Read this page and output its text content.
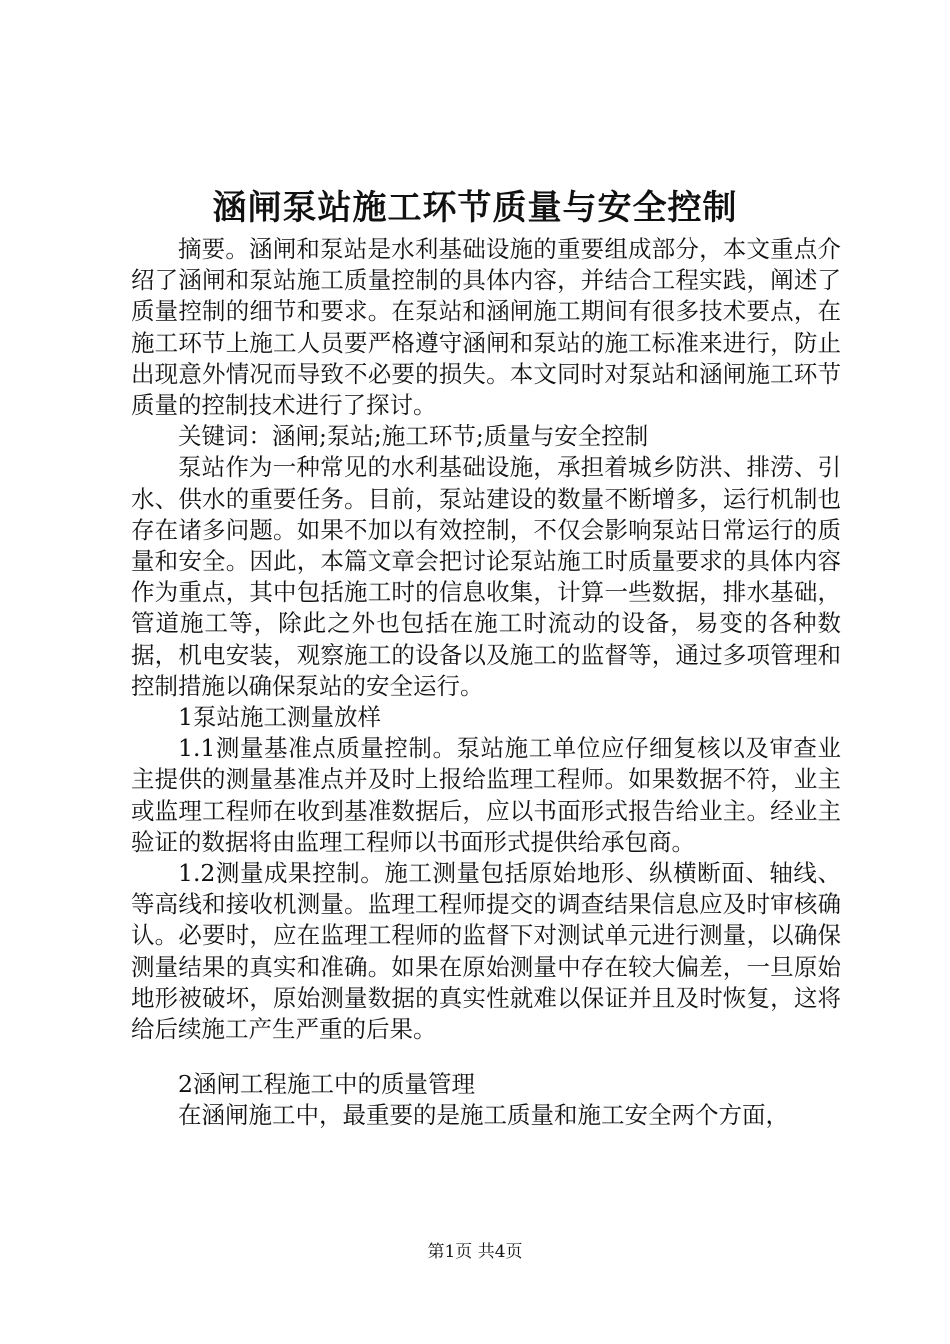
涵闸泵站施工环节质量与安全控制

摘要。涵闸和泵站是水利基础设施的重要组成部分，本文重点介绍了涵闸和泵站施工质量控制的具体内容，并结合工程实践，阐述了质量控制的细节和要求。在泵站和涵闸施工期间有很多技术要点，在施工环节上施工人员要严格遵守涵闸和泵站的施工标准来进行，防止出现意外情况而导致不必要的损失。本文同时对泵站和涵闸施工环节质量的控制技术进行了探讨。

关键词：涵闸;泵站;施工环节;质量与安全控制

泵站作为一种常见的水利基础设施，承担着城乡防洪、排涝、引水、供水的重要任务。目前，泵站建设的数量不断增多，运行机制也存在诸多问题。如果不加以有效控制，不仅会影响泵站日常运行的质量和安全。因此，本篇文章会把讨论泵站施工时质量要求的具体内容作为重点，其中包括施工时的信息收集，计算一些数据，排水基础，管道施工等，除此之外也包括在施工时流动的设备，易变的各种数据，机电安装，观察施工的设备以及施工的监督等，通过多项管理和控制措施以确保泵站的安全运行。

1泵站施工测量放样

1.1测量基准点质量控制。泵站施工单位应仔细复核以及审查业主提供的测量基准点并及时上报给监理工程师。如果数据不符，业主或监理工程师在收到基准数据后，应以书面形式报告给业主。经业主验证的数据将由监理工程师以书面形式提供给承包商。

1.2测量成果控制。施工测量包括原始地形、纵横断面、轴线、等高线和接收机测量。监理工程师提交的调查结果信息应及时审核确认。必要时，应在监理工程师的监督下对测试单元进行测量，以确保测量结果的真实和准确。如果在原始测量中存在较大偏差，一旦原始地形被破坏，原始测量数据的真实性就难以保证并且及时恢复，这将给后续施工产生严重的后果。

2涵闸工程施工中的质量管理

在涵闸施工中，最重要的是施工质量和施工安全两个方面，

第1页 共4页
